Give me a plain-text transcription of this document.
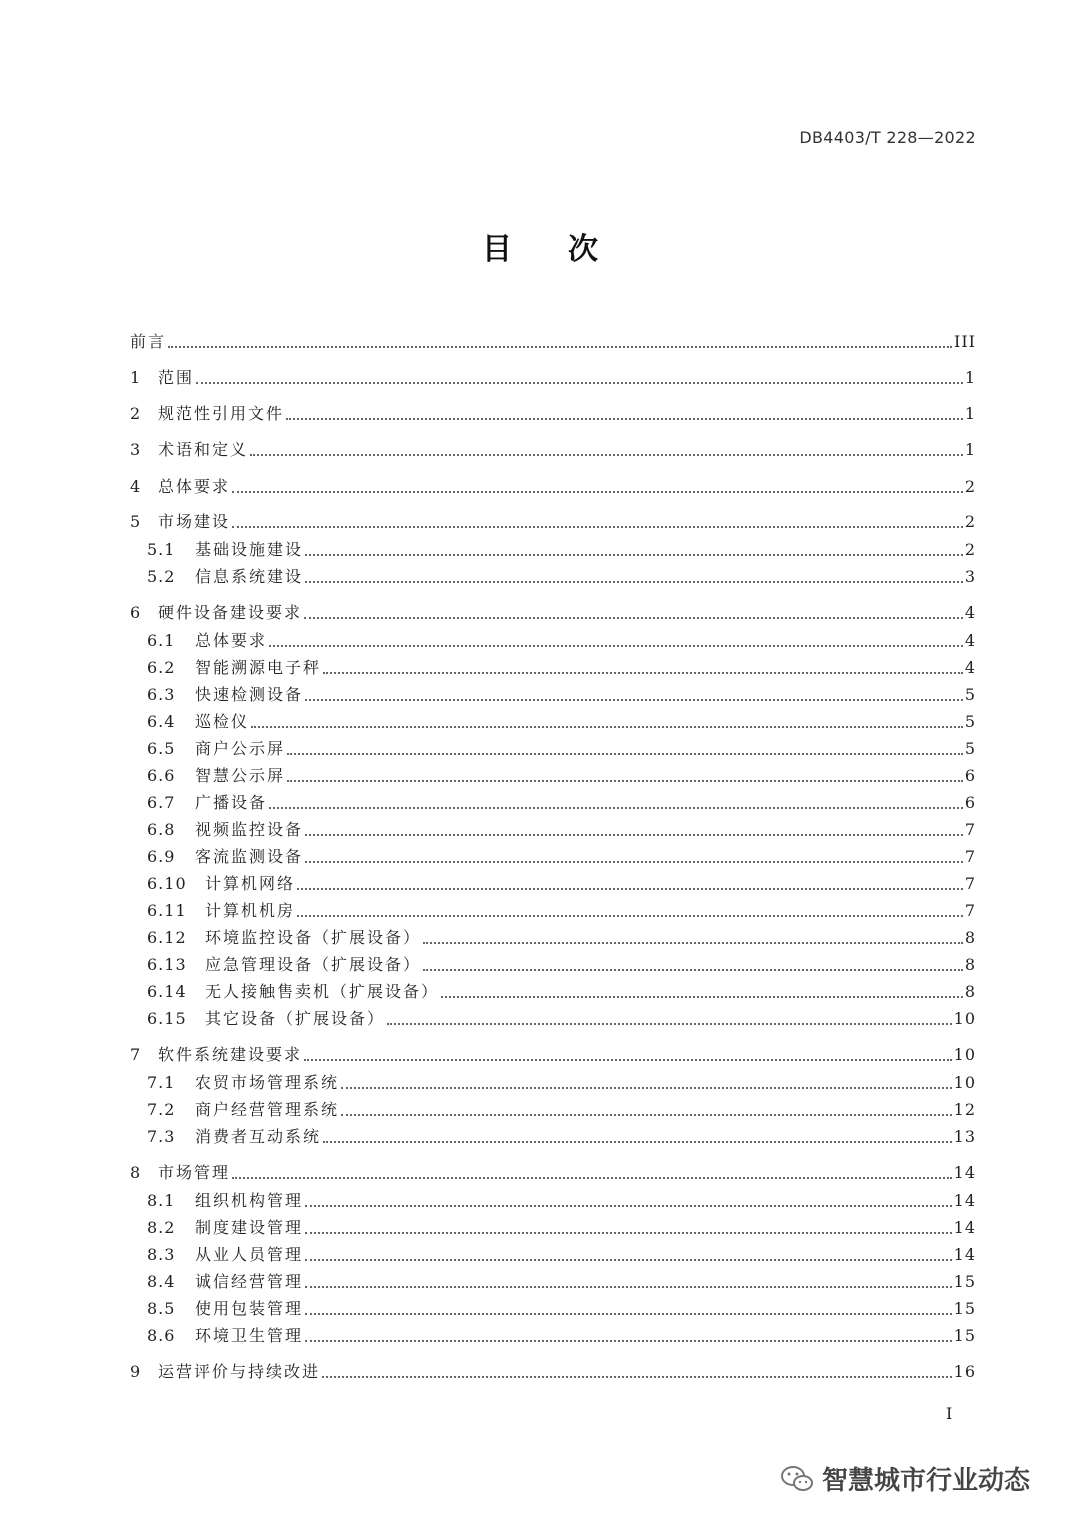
DB4403/T 228—2022
目 次
前言	III
1	范围	1
2	规范性引用文件	1
3	术语和定义	1
4	总体要求	2
5	市场建设	2
5.1	基础设施建设	2
5.2	信息系统建设	3
6	硬件设备建设要求	4
6.1	总体要求	4
6.2	智能溯源电子秤	4
6.3	快速检测设备	5
6.4	巡检仪	5
6.5	商户公示屏	5
6.6	智慧公示屏	6
6.7	广播设备	6
6.8	视频监控设备	7
6.9	客流监测设备	7
6.10	计算机网络	7
6.11	计算机机房	7
6.12	环境监控设备（扩展设备）	8
6.13	应急管理设备（扩展设备）	8
6.14	无人接触售卖机（扩展设备）	8
6.15	其它设备（扩展设备）	10
7	软件系统建设要求	10
7.1	农贸市场管理系统	10
7.2	商户经营管理系统	12
7.3	消费者互动系统	13
8	市场管理	14
8.1	组织机构管理	14
8.2	制度建设管理	14
8.3	从业人员管理	14
8.4	诚信经营管理	15
8.5	使用包装管理	15
8.6	环境卫生管理	15
9	运营评价与持续改进	16
I
智慧城市行业动态
